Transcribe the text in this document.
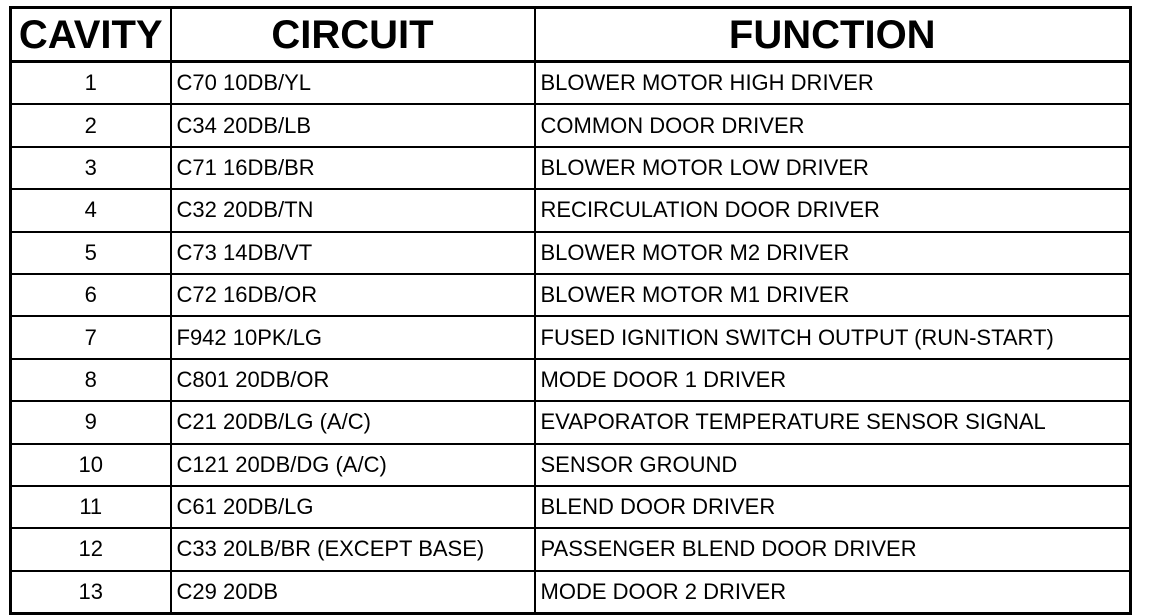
CAVITY	CIRCUIT	FUNCTION
1	C70 10DB/YL	BLOWER MOTOR HIGH DRIVER
2	C34 20DB/LB	COMMON DOOR DRIVER
3	C71 16DB/BR	BLOWER MOTOR LOW DRIVER
4	C32 20DB/TN	RECIRCULATION DOOR DRIVER
5	C73 14DB/VT	BLOWER MOTOR M2 DRIVER
6	C72 16DB/OR	BLOWER MOTOR M1 DRIVER
7	F942 10PK/LG	FUSED IGNITION SWITCH OUTPUT (RUN-START)
8	C801 20DB/OR	MODE DOOR 1 DRIVER
9	C21 20DB/LG (A/C)	EVAPORATOR TEMPERATURE SENSOR SIGNAL
10	C121 20DB/DG (A/C)	SENSOR GROUND
11	C61 20DB/LG	BLEND DOOR DRIVER
12	C33 20LB/BR (EXCEPT BASE)	PASSENGER BLEND DOOR DRIVER
13	C29 20DB	MODE DOOR 2 DRIVER
